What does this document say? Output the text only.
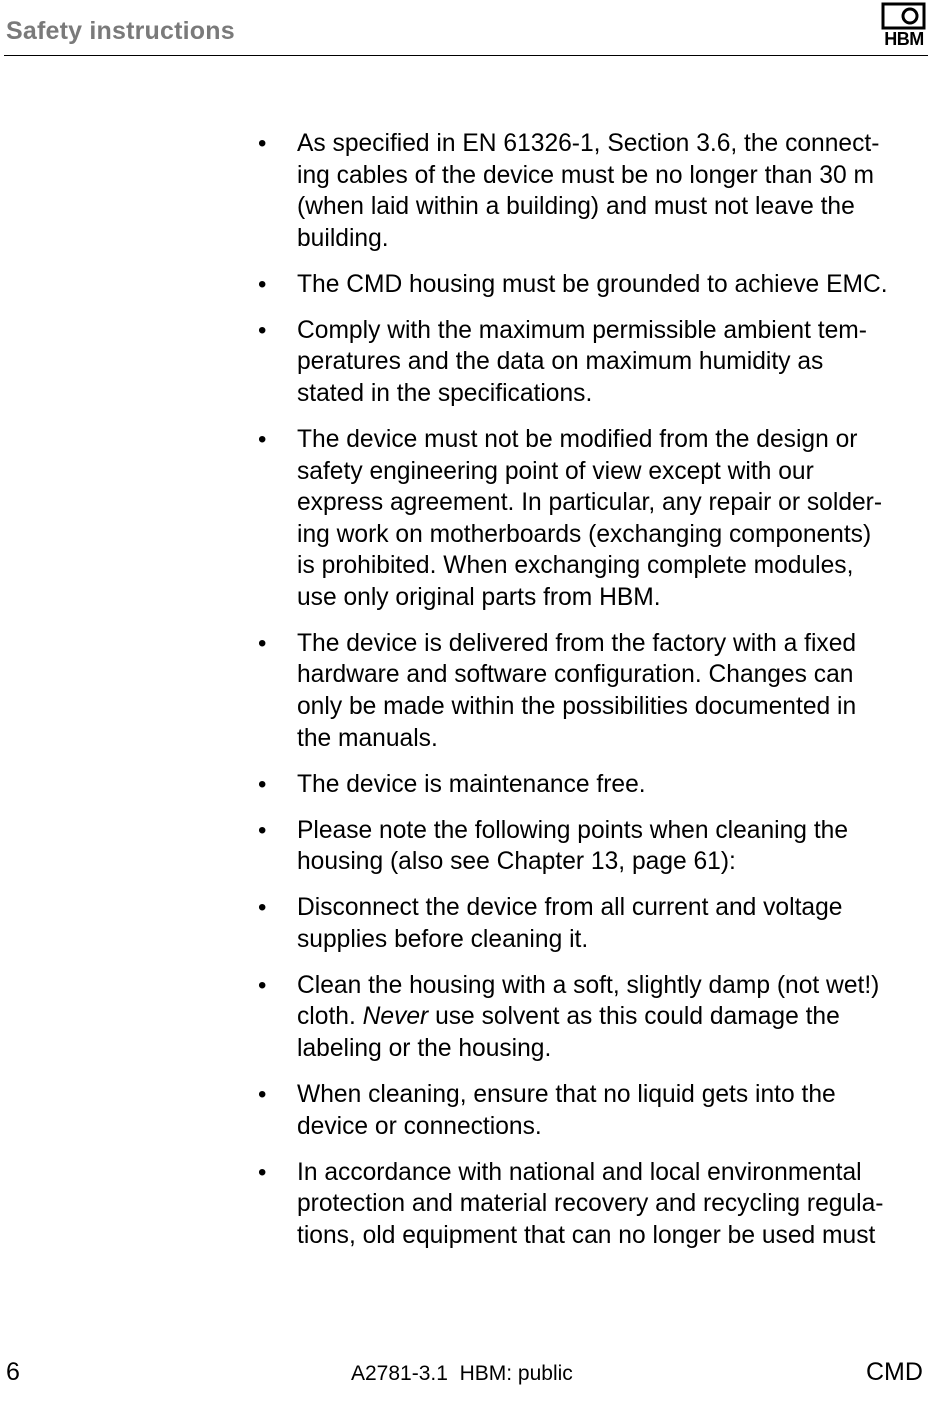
Safety instructions	HBM
• As specified in EN 61326-1, Section 3.6, the connect-
ing cables of the device must be no longer than 30 m
(when laid within a building) and must not leave the
building.
• The CMD housing must be grounded to achieve EMC.
• Comply with the maximum permissible ambient tem-
peratures and the data on maximum humidity as
stated in the specifications.
• The device must not be modified from the design or
safety engineering point of view except with our
express agreement. In particular, any repair or solder-
ing work on motherboards (exchanging components)
is prohibited. When exchanging complete modules,
use only original parts from HBM.
• The device is delivered from the factory with a fixed
hardware and software configuration. Changes can
only be made within the possibilities documented in
the manuals.
• The device is maintenance free.
• Please note the following points when cleaning the
housing (also see Chapter 13, page 61):
• Disconnect the device from all current and voltage
supplies before cleaning it.
• Clean the housing with a soft, slightly damp (not wet!)
cloth. Never use solvent as this could damage the
labeling or the housing.
• When cleaning, ensure that no liquid gets into the
device or connections.
• In accordance with national and local environmental
protection and material recovery and recycling regula-
tions, old equipment that can no longer be used must
6	A2781-3.1  HBM: public	CMD
